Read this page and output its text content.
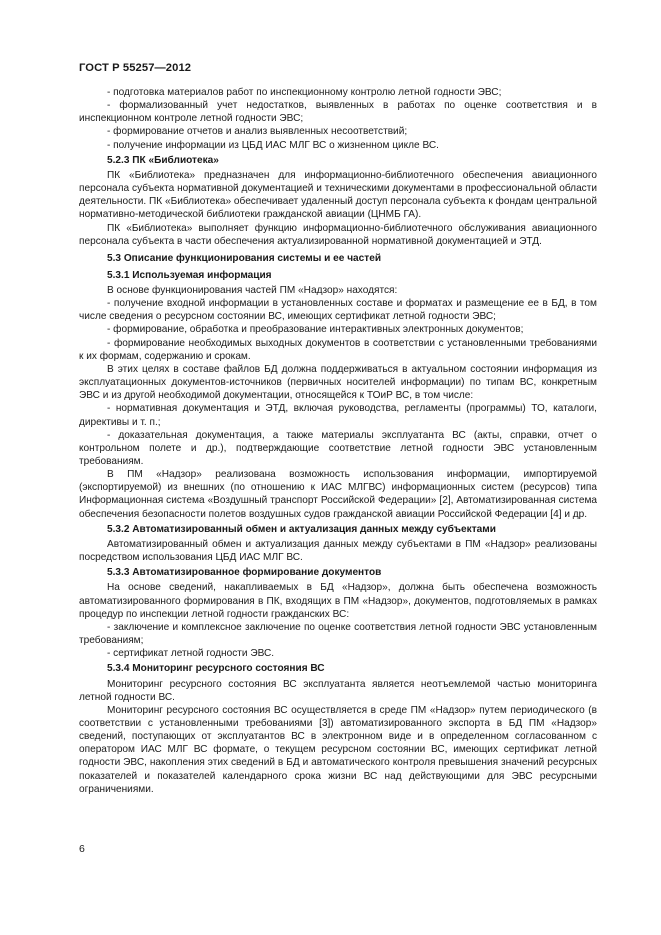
ГОСТ Р 55257—2012

- подготовка материалов работ по инспекционному контролю летной годности ЭВС;

- формализованный учет недостатков, выявленных в работах по оценке соответствия и в инспекционном контроле летной годности ЭВС;

- формирование отчетов и анализ выявленных несоответствий;

- получение информации из ЦБД ИАС МЛГ ВС о жизненном цикле ВС.

5.2.3 ПК «Библиотека»

ПК «Библиотека» предназначен для информационно-библиотечного обеспечения авиационного персонала субъекта нормативной документацией и техническими документами в профессиональной области деятельности. ПК «Библиотека» обеспечивает удаленный доступ персонала субъекта к фондам центральной нормативно-методической библиотеки гражданской авиации (ЦНМБ ГА).

ПК «Библиотека» выполняет функцию информационно-библиотечного обслуживания авиационного персонала субъекта в части обеспечения актуализированной нормативной документацией и ЭТД.

5.3 Описание функционирования системы и ее частей

5.3.1 Используемая информация

В основе функционирования частей ПМ «Надзор» находятся:

- получение входной информации в установленных составе и форматах и размещение ее в БД, в том числе сведения о ресурсном состоянии ВС, имеющих сертификат летной годности ЭВС;

- формирование, обработка и преобразование интерактивных электронных документов;

- формирование необходимых выходных документов в соответствии с установленными требованиями к их формам, содержанию и срокам.

В этих целях в составе файлов БД должна поддерживаться в актуальном состоянии информация из эксплуатационных документов-источников (первичных носителей информации) по типам ВС, конкретным ЭВС и из другой необходимой документации, относящейся к ТОиР ВС, в том числе:

- нормативная документация и ЭТД, включая руководства, регламенты (программы) ТО, каталоги, директивы и т. п.;

- доказательная документация, а также материалы эксплуатанта ВС (акты, справки, отчет о контрольном полете и др.), подтверждающие соответствие летной годности ЭВС установленным требованиям.

В ПМ «Надзор» реализована возможность использования информации, импортируемой (экспортируемой) из внешних (по отношению к ИАС МЛГВС) информационных систем (ресурсов) типа Информационная система «Воздушный транспорт Российской Федерации» [2], Автоматизированная система обеспечения безопасности полетов воздушных судов гражданской авиации Российской Федерации [4] и др.

5.3.2 Автоматизированный обмен и актуализация данных между субъектами

Автоматизированный обмен и актуализация данных между субъектами в ПМ «Надзор» реализованы посредством использования ЦБД ИАС МЛГ ВС.

5.3.3 Автоматизированное формирование документов

На основе сведений, накапливаемых в БД «Надзор», должна быть обеспечена возможность автоматизированного формирования в ПК, входящих в ПМ «Надзор», документов, подготовляемых в рамках процедур по инспекции летной годности гражданских ВС:

- заключение и комплексное заключение по оценке соответствия летной годности ЭВС установленным требованиям;

- сертификат летной годности ЭВС.

5.3.4 Мониторинг ресурсного состояния ВС

Мониторинг ресурсного состояния ВС эксплуатанта является неотъемлемой частью мониторинга летной годности ВС.

Мониторинг ресурсного состояния ВС осуществляется в среде ПМ «Надзор» путем периодического (в соответствии с установленными требованиями [3]) автоматизированного экспорта в БД ПМ «Надзор» сведений, поступающих от эксплуатантов ВС в электронном виде и в определенном согласованном с оператором ИАС МЛГ ВС формате, о текущем ресурсном состоянии ВС, имеющих сертификат летной годности ЭВС, накопления этих сведений в БД и автоматического контроля превышения значений ресурсных показателей и показателей календарного срока жизни ВС над действующими для ЭВС ресурсными ограничениями.

6
